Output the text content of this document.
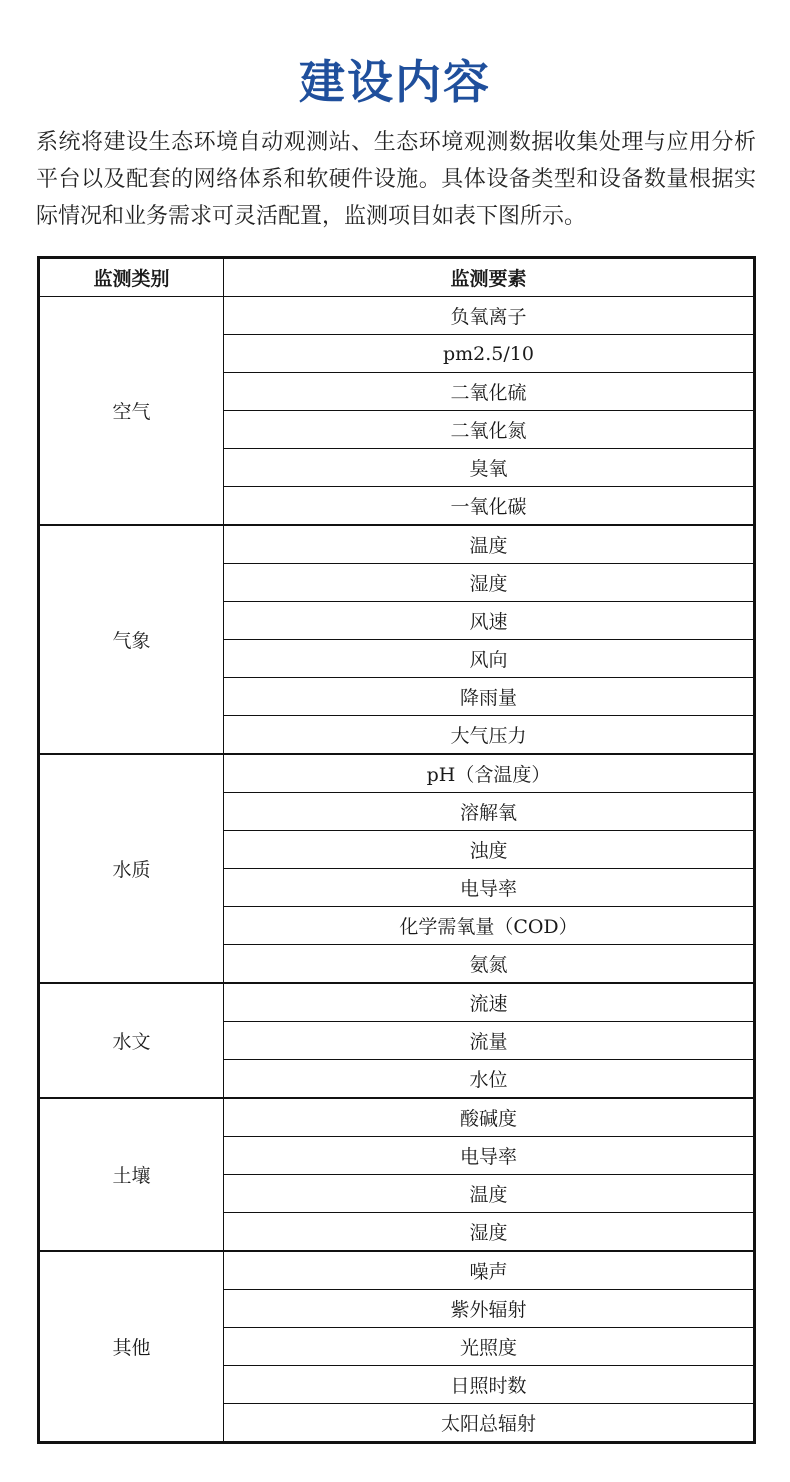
建设内容
系统将建设生态环境自动观测站、生态环境观测数据收集处理与应用分析平台以及配套的网络体系和软硬件设施。具体设备类型和设备数量根据实际情况和业务需求可灵活配置，监测项目如表下图所示。
监测类别	监测要素
空气	负氧离子
	pm2.5/10
	二氧化硫
	二氧化氮
	臭氧
	一氧化碳
气象	温度
	湿度
	风速
	风向
	降雨量
	大气压力
水质	pH（含温度）
	溶解氧
	浊度
	电导率
	化学需氧量（COD）
	氨氮
水文	流速
	流量
	水位
土壤	酸碱度
	电导率
	温度
	湿度
其他	噪声
	紫外辐射
	光照度
	日照时数
	太阳总辐射
